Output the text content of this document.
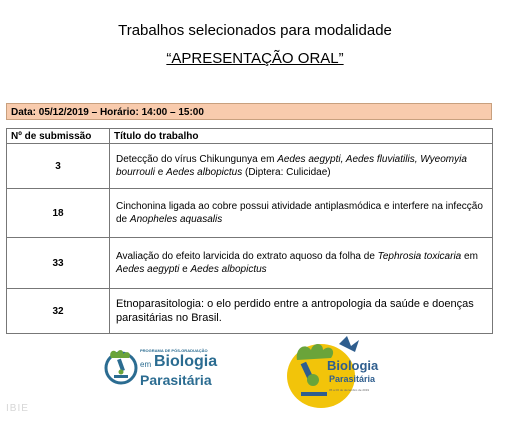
Trabalhos selecionados para modalidade
“APRESENTAÇÃO ORAL”
Data: 05/12/2019 – Horário: 14:00 – 15:00
Nº de submissão	Título do trabalho
3	Detecção do vírus Chikungunya em Aedes aegypti, Aedes fluviatilis, Wyeomyia bourrouli e Aedes albopictus (Diptera: Culicidae)
18	Cinchonina ligada ao cobre possui atividade antiplasmódica e interfere na infecção de Anopheles aquasalis
33	Avaliação do efeito larvicida do extrato aquoso da folha de Tephrosia toxicaria em Aedes aegypti e Aedes albopictus
32	Etnoparasitologia: o elo perdido entre a antropologia da saúde e doenças parasitárias no Brasil.
PROGRAMA DE PÓS-GRADUAÇÃO
em Biologia
Parasitária
Biologia
Parasitária
05 a 06 de dezembro de 2019
IBIE
